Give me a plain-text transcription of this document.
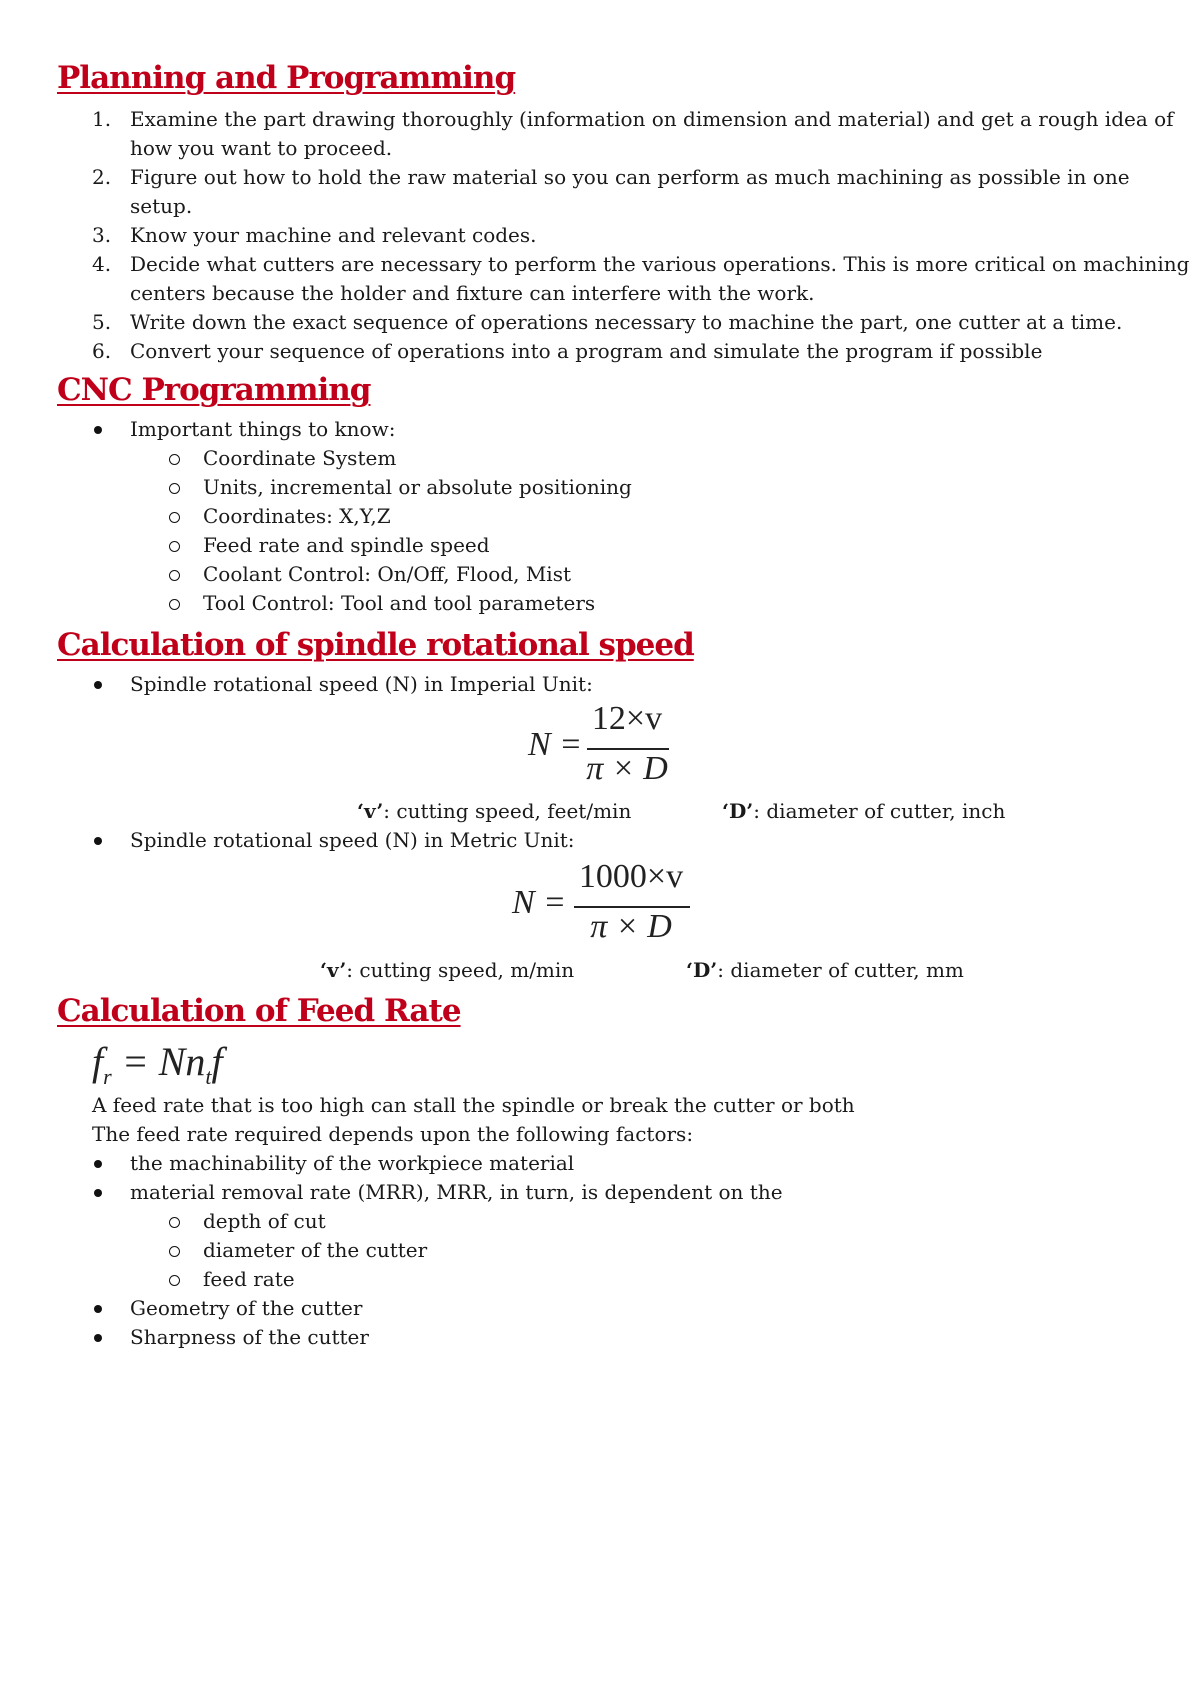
Planning and Programming
1. Examine the part drawing thoroughly (information on dimension and material) and get a rough idea of
how you want to proceed.
2. Figure out how to hold the raw material so you can perform as much machining as possible in one
setup.
3. Know your machine and relevant codes.
4. Decide what cutters are necessary to perform the various operations. This is more critical on machining
centers because the holder and fixture can interfere with the work.
5. Write down the exact sequence of operations necessary to machine the part, one cutter at a time.
6. Convert your sequence of operations into a program and simulate the program if possible
CNC Programming
Important things to know:
Coordinate System
Units, incremental or absolute positioning
Coordinates: X,Y,Z
Feed rate and spindle speed
Coolant Control: On/Off, Flood, Mist
Tool Control: Tool and tool parameters
Calculation of spindle rotational speed
Spindle rotational speed (N) in Imperial Unit:
N =
12×v
π × D
‘v’: cutting speed, feet/min	‘D’: diameter of cutter, inch
Spindle rotational speed (N) in Metric Unit:
N =
1000×v
π × D
‘v’: cutting speed, m/min	‘D’: diameter of cutter, mm
Calculation of Feed Rate
$f_r = Nn_tf$
A feed rate that is too high can stall the spindle or break the cutter or both
The feed rate required depends upon the following factors:
the machinability of the workpiece material
material removal rate (MRR), MRR, in turn, is dependent on the
depth of cut
diameter of the cutter
feed rate
Geometry of the cutter
Sharpness of the cutter
